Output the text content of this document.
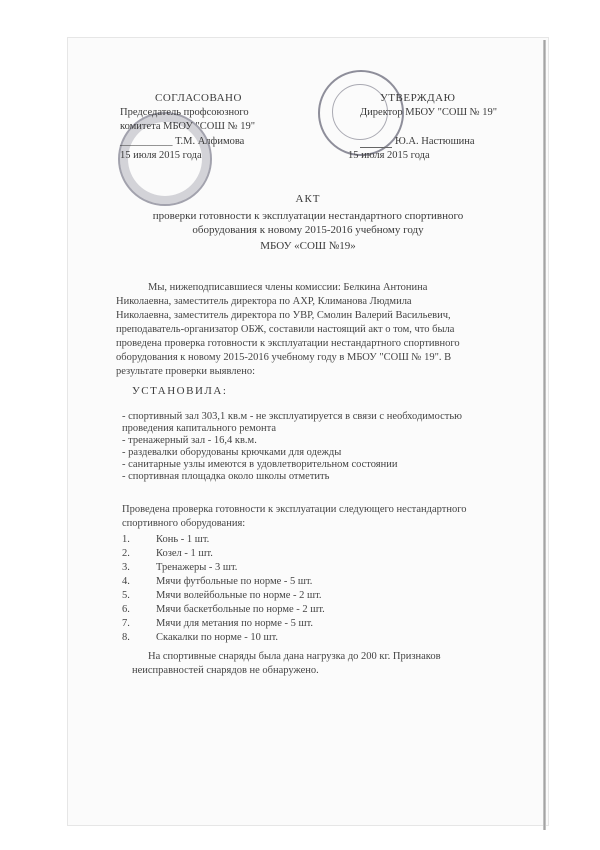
СОГЛАСОВАНО
Председатель профсоюзного
комитета МБОУ "СОШ № 19"
__________ Т.М. Алфимова
15 июля 2015 года
УТВЕРЖДАЮ
Директор МБОУ "СОШ № 19"
Ю.А. Настюшина
15 июля 2015 года
АКТ
проверки готовности к эксплуатации нестандартного спортивного
оборудования к новому 2015-2016 учебному году
МБОУ «СОШ №19»
Мы, нижеподписавшиеся члены комиссии: Белкина Антонина
Николаевна, заместитель директора по АХР, Климанова Людмила
Николаевна, заместитель директора по УВР, Смолин Валерий Васильевич,
преподаватель-организатор ОБЖ, составили настоящий акт о том, что была
проведена проверка готовности к эксплуатации нестандартного спортивного
оборудования к новому 2015-2016 учебному году в МБОУ "СОШ № 19". В
результате проверки выявлено:
УСТАНОВИЛА:
- спортивный зал 303,1 кв.м - не эксплуатируется в связи с необходимостью
проведения капитального ремонта
- тренажерный зал - 16,4 кв.м.
- раздевалки оборудованы крючками для одежды
- санитарные узлы имеются в удовлетворительном состоянии
- спортивная площадка около школы отметить
Проведена проверка готовности к эксплуатации следующего нестандартного
спортивного оборудования:
1.	Конь - 1 шт.
2.	Козел - 1 шт.
3.	Тренажеры - 3 шт.
4.	Мячи футбольные по норме - 5 шт.
5.	Мячи волейбольные по норме - 2 шт.
6.	Мячи баскетбольные по норме - 2 шт.
7.	Мячи для метания по норме - 5 шт.
8.	Скакалки по норме - 10 шт.
На спортивные снаряды была дана нагрузка до 200 кг. Признаков
неисправностей снарядов не обнаружено.
